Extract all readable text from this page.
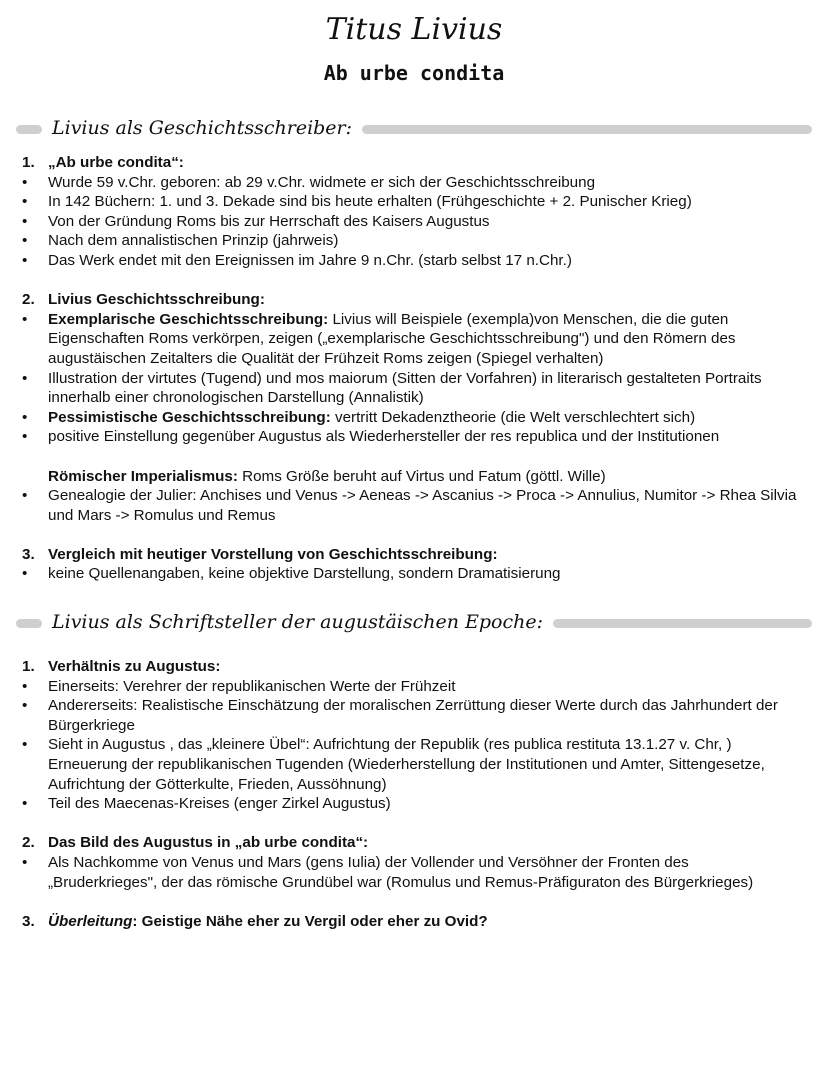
Titus Livius
Ab urbe condita
Livius als Geschichtsschreiber:
1. „Ab urbe condita“:
•	Wurde 59 v.Chr. geboren: ab 29 v.Chr. widmete er sich der Geschichtsschreibung
•	In 142 Büchern: 1. und 3. Dekade sind bis heute erhalten (Frühgeschichte + 2. Punischer Krieg)
•	Von der Gründung Roms bis zur Herrschaft des Kaisers Augustus
•	Nach dem annalistischen Prinzip (jahrweis)
•	Das Werk endet mit den Ereignissen im Jahre 9 n.Chr. (starb selbst 17 n.Chr.)
2. Livius Geschichtsschreibung:
•	Exemplarische Geschichtsschreibung: Livius will Beispiele (exempla)von Menschen, die die guten Eigenschaften Roms verkörpen, zeigen („exemplarische Geschichtsschreibung") und den Römern des augustäischen Zeitalters die Qualität der Frühzeit Roms zeigen (Spiegel verhalten)
•	Illustration der virtutes (Tugend) und mos maiorum (Sitten der Vorfahren) in literarisch gestalteten Portraits innerhalb einer chronologischen Darstellung (Annalistik)
•	Pessimistische Geschichtsschreibung: vertritt Dekadenztheorie (die Welt verschlechtert sich)
•	positive Einstellung gegenüber Augustus als Wiederhersteller der res republica und der Institutionen
Römischer Imperialismus: Roms Größe beruht auf Virtus und Fatum (göttl. Wille)
•	Genealogie der Julier: Anchises und Venus -> Aeneas -> Ascanius -> Proca -> Annulius, Numitor -> Rhea Silvia und Mars -> Romulus und Remus
3. Vergleich mit heutiger Vorstellung von Geschichtsschreibung:
•	keine Quellenangaben, keine objektive Darstellung, sondern Dramatisierung
Livius als Schriftsteller der augustäischen Epoche:
1. Verhältnis zu Augustus:
•	Einerseits: Verehrer der republikanischen Werte der Frühzeit
•	Andererseits: Realistische Einschätzung der moralischen Zerrüttung dieser Werte durch das Jahrhundert der Bürgerkriege
•	Sieht in Augustus , das „kleinere Übel“: Aufrichtung der Republik (res publica restituta 13.1.27 v. Chr, ) Erneuerung der republikanischen Tugenden (Wiederherstellung der Institutionen und Amter, Sittengesetze, Aufrichtung der Götterkulte, Frieden, Aussöhnung)
•	Teil des Maecenas-Kreises (enger Zirkel Augustus)
2. Das Bild des Augustus in „ab urbe condita“:
•	Als Nachkomme von Venus und Mars (gens Iulia) der Vollender und Versöhner der Fronten des „Bruderkrieges", der das römische Grundübel war (Romulus und Remus-Präfiguraton des Bürgerkrieges)
3. Überleitung: Geistige Nähe eher zu Vergil oder eher zu Ovid?
